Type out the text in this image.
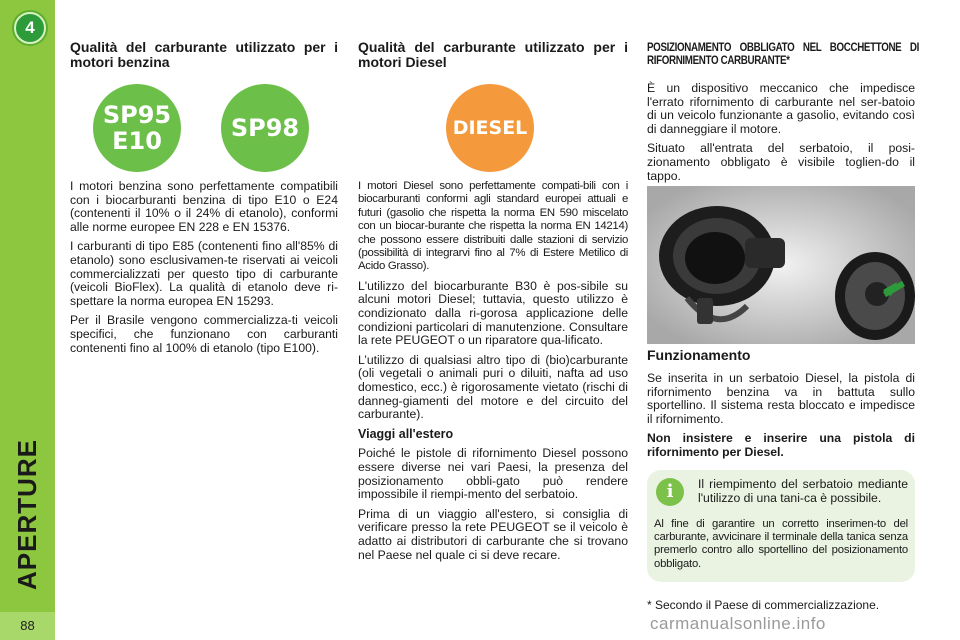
4
88

Qualità del carburante utilizzato per i motori benzina

SP95
E10	SP98

I motori benzina sono perfettamente compatibili con i biocarburanti benzina di tipo E10 o E24 (contenenti il 10% o il 24% di etanolo), conformi alle norme europee EN 228 e EN 15376.

I carburanti di tipo E85 (contenenti fino all'85% di etanolo) sono esclusivamen-te riservati ai veicoli commercializzati per questo tipo di carburante (veicoli BioFlex). La qualità di etanolo deve ri-spettare la norma europea EN 15293.

Per il Brasile vengono commercializza-ti veicoli specifici, che funzionano con carburanti contenenti fino al 100% di etanolo (tipo E100).

Qualità del carburante utilizzato per i motori Diesel

DIESEL

I motori Diesel sono perfettamente compati-bili con i biocarburanti conformi agli standard europei attuali e futuri (gasolio che rispetta la norma EN 590 miscelato con un biocar-burante che rispetta la norma EN 14214) che possono essere distribuiti dalle stazioni di servizio (possibilità di integrarvi fino al 7% di Estere Metilico di Acido Grasso).

L'utilizzo del biocarburante B30 è pos-sibile su alcuni motori Diesel; tuttavia, questo utilizzo è condizionato dalla ri-gorosa applicazione delle condizioni particolari di manutenzione. Consultare la rete PEUGEOT o un riparatore qua-lificato.

L’utilizzo di qualsiasi altro tipo di (bio)carburante (oli vegetali o animali puri o diluiti, nafta ad uso domestico, ecc.) è rigorosamente vietato (rischi di danneg-giamenti del motore e del circuito del carburante).

Viaggi all'estero

Poiché le pistole di rifornimento Diesel possono essere diverse nei vari Paesi, la presenza del posizionamento obbli-gato può rendere impossibile il riempi-mento del serbatoio.

Prima di un viaggio all'estero, si consiglia di verificare presso la rete PEUGEOT se il veicolo è adatto ai distributori di carburante che si trovano nel Paese nel quale ci si deve recare.

POSIZIONAMENTO OBBLIGATO NEL BOCCHETTONE DI RIFORNIMENTO CARBURANTE*

È un dispositivo meccanico che impedisce l'errato rifornimento di carburante nel ser-batoio di un veicolo funzionante a gasolio, evitando così di danneggiare il motore.

Situato all'entrata del serbatoio, il posi-zionamento obbligato è visibile toglien-do il tappo.

Funzionamento

Se inserita in un serbatoio Diesel, la pistola di rifornimento benzina va in battuta sullo sportellino. Il sistema resta bloccato e impedisce il rifornimento.

Non insistere e inserire una pistola di rifornimento per Diesel.

i	Il riempimento del serbatoio mediante l'utilizzo di una tani-ca è possibile.

Al fine di garantire un corretto inserimen-to del carburante, avvicinare il terminale della tanica senza premerlo contro allo sportellino del posizionamento obbligato.

* Secondo il Paese di commercializzazione.

carmanualsonline.info
